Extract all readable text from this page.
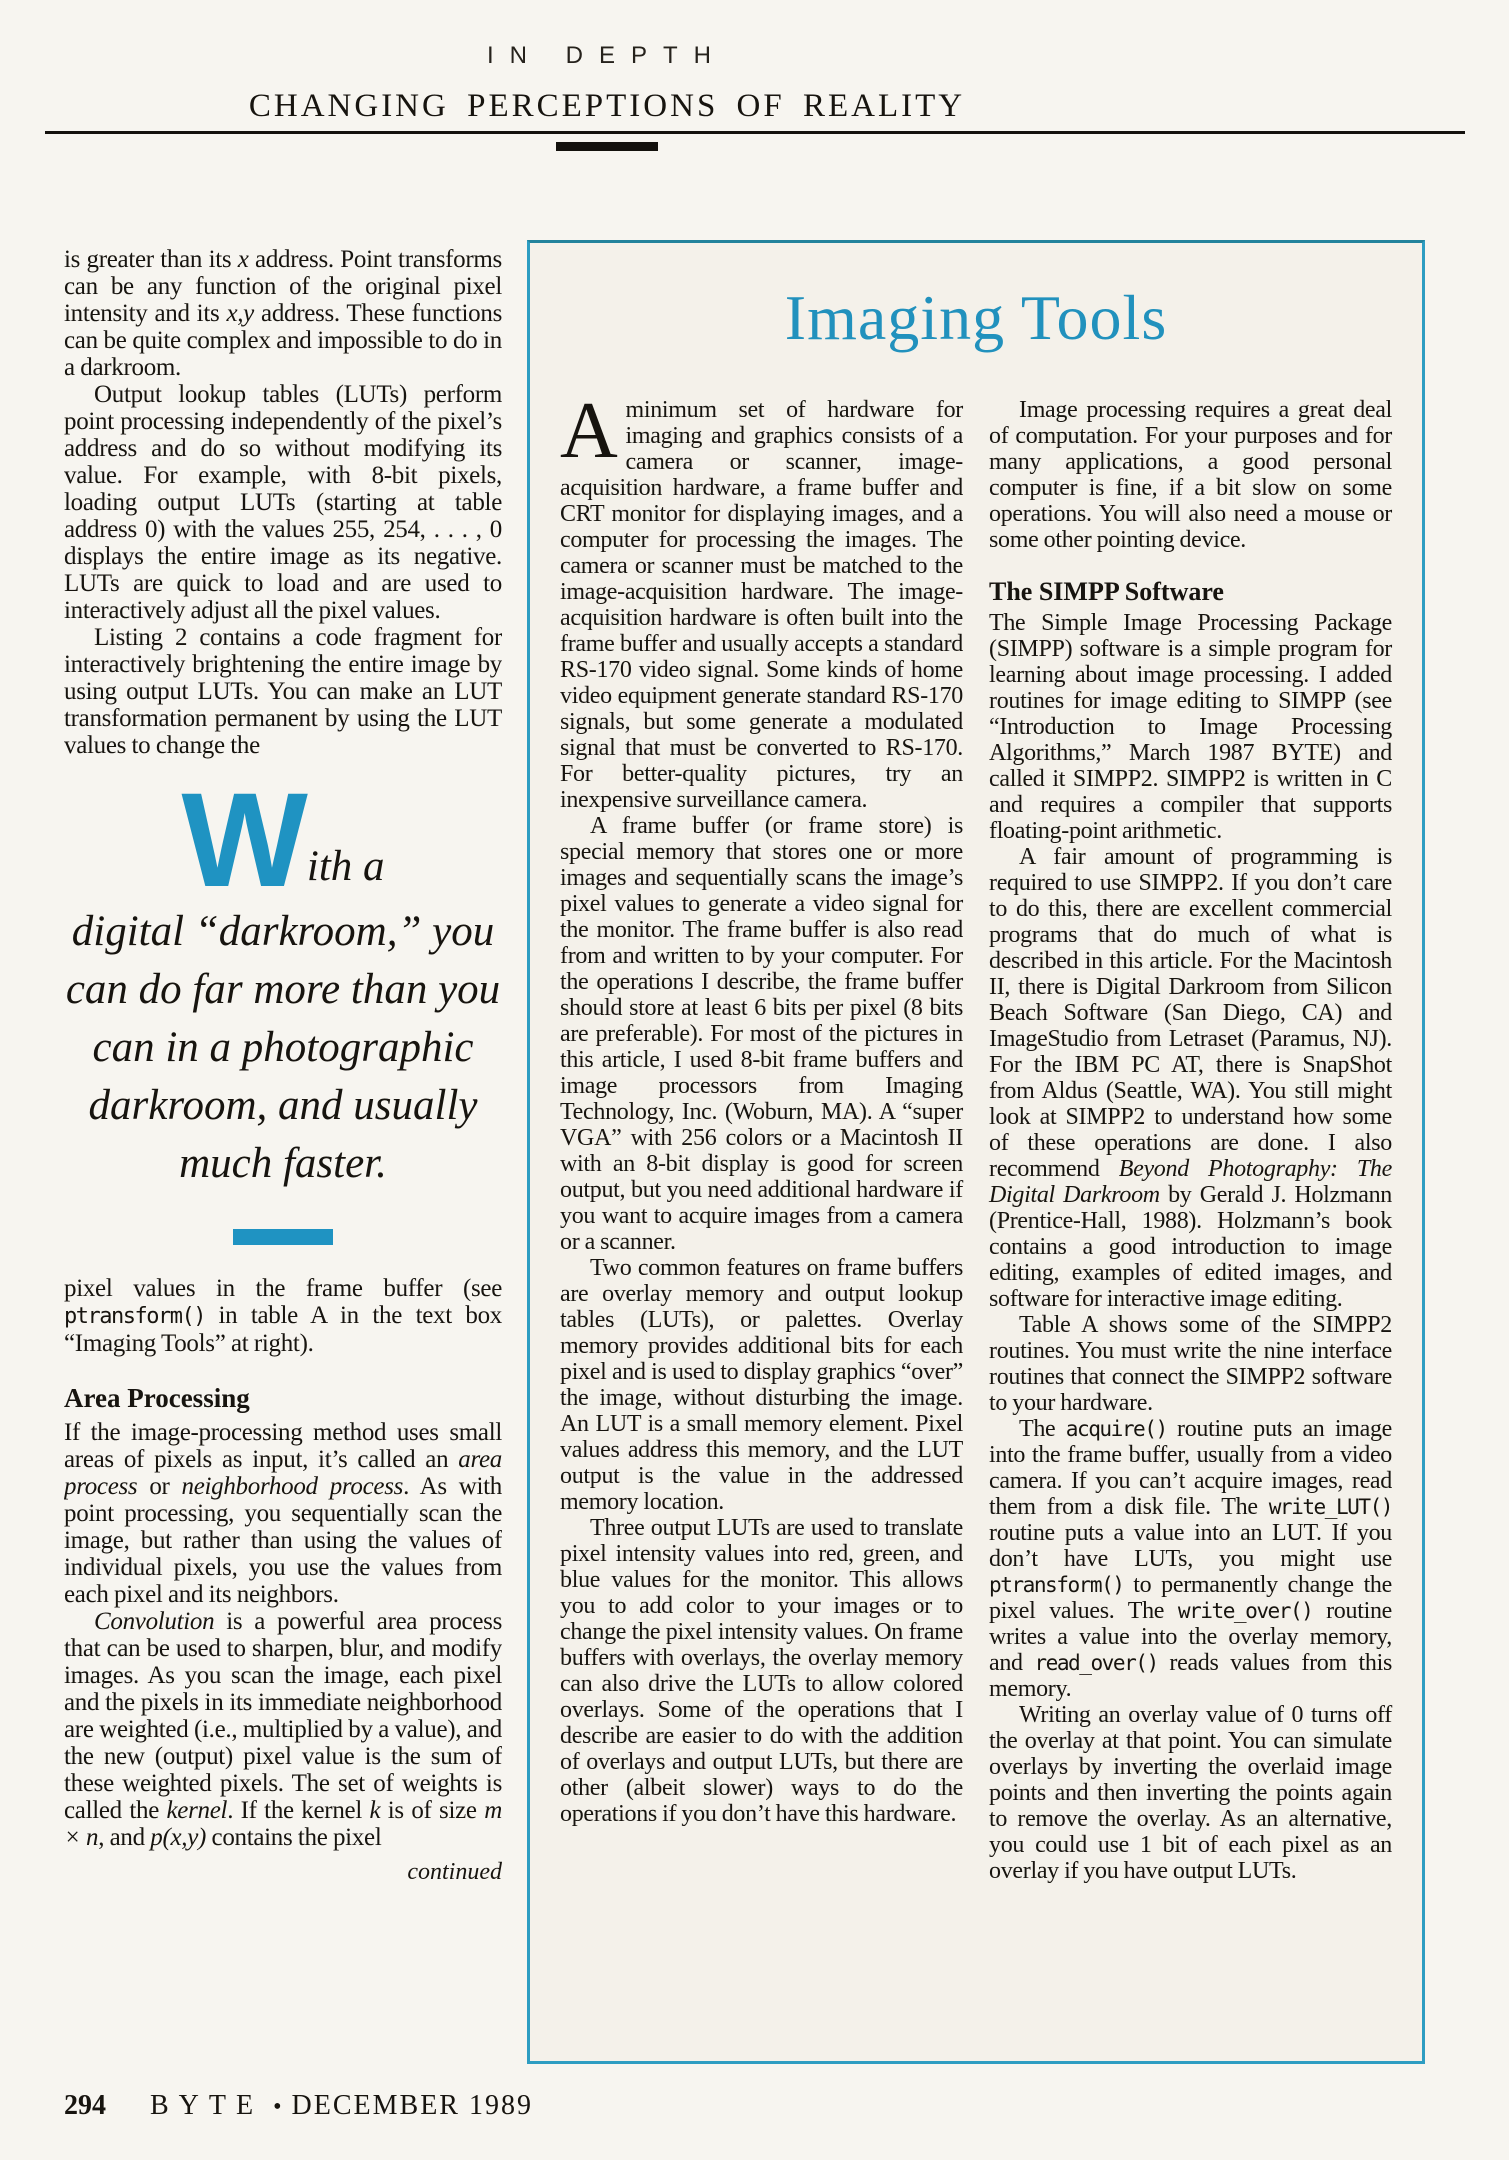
IN DEPTH
CHANGING PERCEPTIONS OF REALITY

is greater than its x address. Point transforms can be any function of the original pixel intensity and its x,y address. These functions can be quite complex and impossible to do in a darkroom.

Output lookup tables (LUTs) perform point processing independently of the pixel’s address and do so without modifying its value. For example, with 8-bit pixels, loading output LUTs (starting at table address 0) with the values 255, 254, . . . , 0 displays the entire image as its negative. LUTs are quick to load and are used to interactively adjust all the pixel values.

Listing 2 contains a code fragment for interactively brightening the entire image by using output LUTs. You can make an LUT transformation permanent by using the LUT values to change the

With a
digital “darkroom,” you can do far more than you can in a photographic darkroom, and usually much faster.

pixel values in the frame buffer (see ptransform() in table A in the text box “Imaging Tools” at right).

Area Processing

If the image-processing method uses small areas of pixels as input, it’s called an area process or neighborhood process. As with point processing, you sequentially scan the image, but rather than using the values of individual pixels, you use the values from each pixel and its neighbors.

Convolution is a powerful area process that can be used to sharpen, blur, and modify images. As you scan the image, each pixel and the pixels in its immediate neighborhood are weighted (i.e., multiplied by a value), and the new (output) pixel value is the sum of these weighted pixels. The set of weights is called the kernel. If the kernel k is of size m × n, and p(x,y) contains the pixel

continued
Imaging Tools

A minimum set of hardware for imaging and graphics consists of a camera or scanner, image-acquisition hardware, a frame buffer and CRT monitor for displaying images, and a computer for processing the images. The camera or scanner must be matched to the image-acquisition hardware. The image-acquisition hardware is often built into the frame buffer and usually accepts a standard RS-170 video signal. Some kinds of home video equipment generate standard RS-170 signals, but some generate a modulated signal that must be converted to RS-170. For better-quality pictures, try an inexpensive surveillance camera.

A frame buffer (or frame store) is special memory that stores one or more images and sequentially scans the image’s pixel values to generate a video signal for the monitor. The frame buffer is also read from and written to by your computer. For the operations I describe, the frame buffer should store at least 6 bits per pixel (8 bits are preferable). For most of the pictures in this article, I used 8-bit frame buffers and image processors from Imaging Technology, Inc. (Woburn, MA). A “super VGA” with 256 colors or a Macintosh II with an 8-bit display is good for screen output, but you need additional hardware if you want to acquire images from a camera or a scanner.

Two common features on frame buffers are overlay memory and output lookup tables (LUTs), or palettes. Overlay memory provides additional bits for each pixel and is used to display graphics “over” the image, without disturbing the image. An LUT is a small memory element. Pixel values address this memory, and the LUT output is the value in the addressed memory location.

Three output LUTs are used to translate pixel intensity values into red, green, and blue values for the monitor. This allows you to add color to your images or to change the pixel intensity values. On frame buffers with overlays, the overlay memory can also drive the LUTs to allow colored overlays. Some of the operations that I describe are easier to do with the addition of overlays and output LUTs, but there are other (albeit slower) ways to do the operations if you don’t have this hardware.

Image processing requires a great deal of computation. For your purposes and for many applications, a good personal computer is fine, if a bit slow on some operations. You will also need a mouse or some other pointing device.

The SIMPP Software

The Simple Image Processing Package (SIMPP) software is a simple program for learning about image processing. I added routines for image editing to SIMPP (see “Introduction to Image Processing Algorithms,” March 1987 BYTE) and called it SIMPP2. SIMPP2 is written in C and requires a compiler that supports floating-point arithmetic.

A fair amount of programming is required to use SIMPP2. If you don’t care to do this, there are excellent commercial programs that do much of what is described in this article. For the Macintosh II, there is Digital Darkroom from Silicon Beach Software (San Diego, CA) and ImageStudio from Letraset (Paramus, NJ). For the IBM PC AT, there is SnapShot from Aldus (Seattle, WA). You still might look at SIMPP2 to understand how some of these operations are done. I also recommend Beyond Photography: The Digital Darkroom by Gerald J. Holzmann (Prentice-Hall, 1988). Holzmann’s book contains a good introduction to image editing, examples of edited images, and software for interactive image editing.

Table A shows some of the SIMPP2 routines. You must write the nine interface routines that connect the SIMPP2 software to your hardware.

The acquire() routine puts an image into the frame buffer, usually from a video camera. If you can’t acquire images, read them from a disk file. The write_LUT() routine puts a value into an LUT. If you don’t have LUTs, you might use ptransform() to permanently change the pixel values. The write_over() routine writes a value into the overlay memory, and read_over() reads values from this memory.

Writing an overlay value of 0 turns off the overlay at that point. You can simulate overlays by inverting the overlaid image points and then inverting the points again to remove the overlay. As an alternative, you could use 1 bit of each pixel as an overlay if you have output LUTs.

294 BYTE • DECEMBER 1989
